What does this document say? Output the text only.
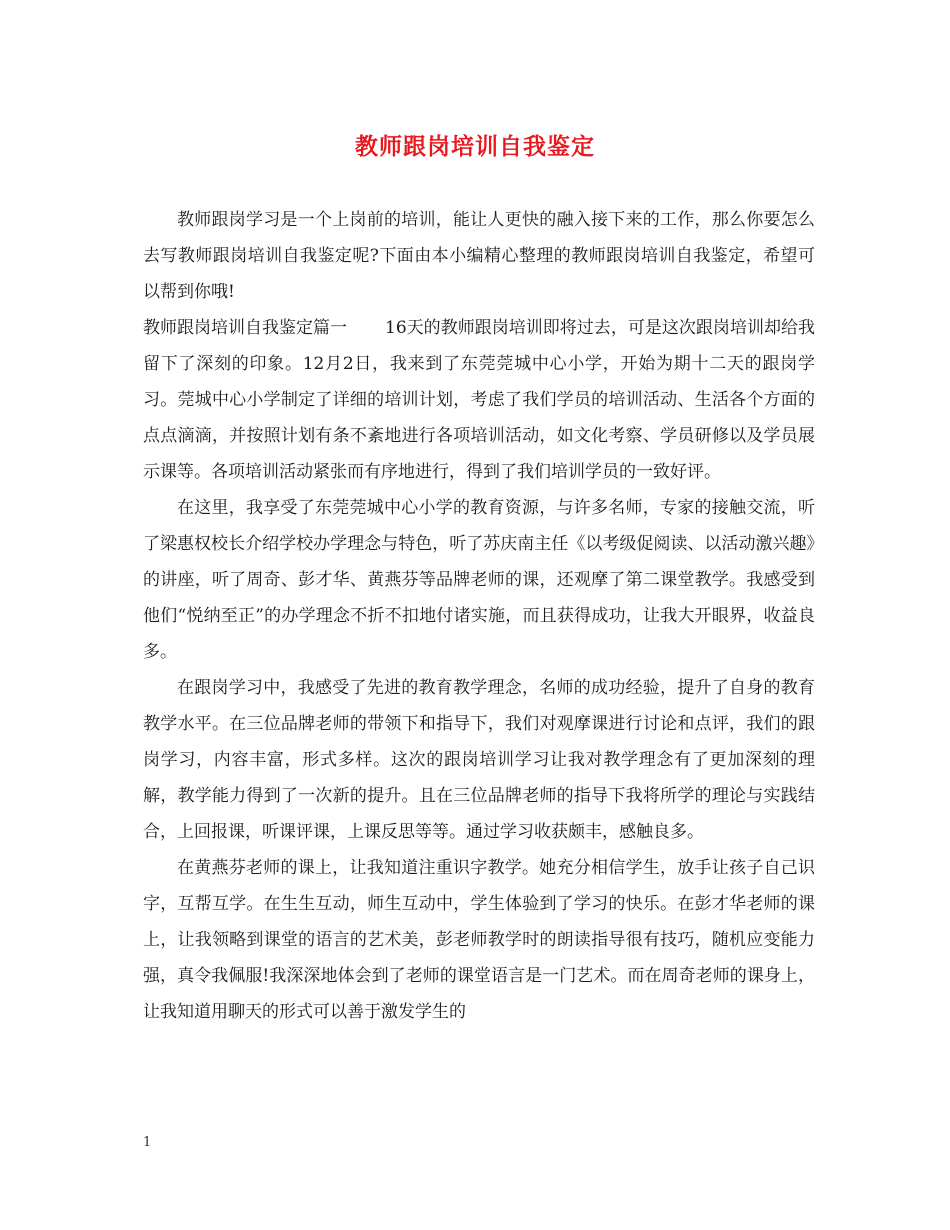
教师跟岗培训自我鉴定

教师跟岗学习是一个上岗前的培训，能让人更快的融入接下来的工作，那么你要怎么去写教师跟岗培训自我鉴定呢?下面由本小编精心整理的教师跟岗培训自我鉴定，希望可以帮到你哦!

教师跟岗培训自我鉴定篇一 16天的教师跟岗培训即将过去，可是这次跟岗培训却给我留下了深刻的印象。12月2日，我来到了东莞莞城中心小学，开始为期十二天的跟岗学习。莞城中心小学制定了详细的培训计划，考虑了我们学员的培训活动、生活各个方面的点点滴滴，并按照计划有条不紊地进行各项培训活动，如文化考察、学员研修以及学员展示课等。各项培训活动紧张而有序地进行，得到了我们培训学员的一致好评。

在这里，我享受了东莞莞城中心小学的教育资源，与许多名师，专家的接触交流，听了梁惠权校长介绍学校办学理念与特色，听了苏庆南主任《以考级促阅读、以活动激兴趣》的讲座，听了周奇、彭才华、黄燕芬等品牌老师的课，还观摩了第二课堂教学。我感受到他们“悦纳至正”的办学理念不折不扣地付诸实施，而且获得成功，让我大开眼界，收益良多。

在跟岗学习中，我感受了先进的教育教学理念，名师的成功经验，提升了自身的教育教学水平。在三位品牌老师的带领下和指导下，我们对观摩课进行讨论和点评，我们的跟岗学习，内容丰富，形式多样。这次的跟岗培训学习让我对教学理念有了更加深刻的理解，教学能力得到了一次新的提升。且在三位品牌老师的指导下我将所学的理论与实践结合，上回报课，听课评课，上课反思等等。通过学习收获颇丰，感触良多。

在黄燕芬老师的课上，让我知道注重识字教学。她充分相信学生，放手让孩子自己识字，互帮互学。在生生互动，师生互动中，学生体验到了学习的快乐。在彭才华老师的课上，让我领略到课堂的语言的艺术美，彭老师教学时的朗读指导很有技巧，随机应变能力强，真令我佩服!我深深地体会到了老师的课堂语言是一门艺术。而在周奇老师的课身上，让我知道用聊天的形式可以善于激发学生的

1
